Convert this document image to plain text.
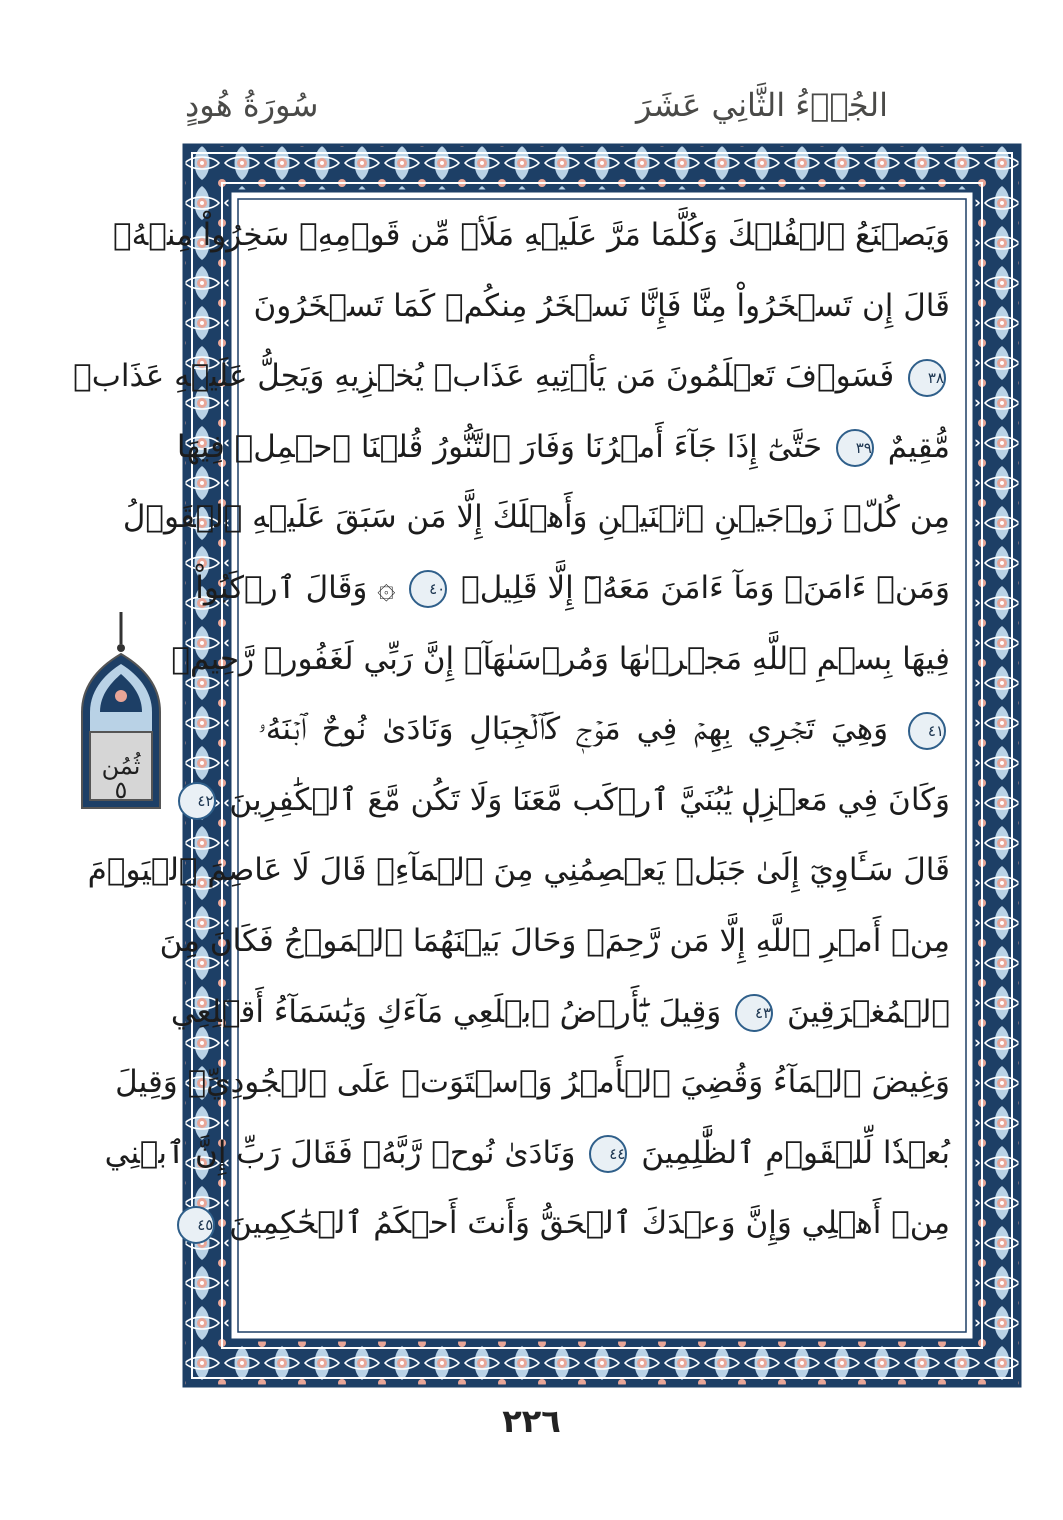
الجُزۡءُ الثَّانِي عَشَرَ
سُورَةُ هُودٍ
وَيَصۡنَعُ ٱلۡفُلۡكَ وَكُلَّمَا مَرَّ عَلَيۡهِ مَلَأٞ مِّن قَوۡمِهِۦ سَخِرُواْ مِنۡهُۚ
قَالَ إِن تَسۡخَرُواْ مِنَّا فَإِنَّا نَسۡخَرُ مِنكُمۡ كَمَا تَسۡخَرُونَ
٣٨ فَسَوۡفَ تَعۡلَمُونَ مَن يَأۡتِيهِ عَذَابٞ يُخۡزِيهِ وَيَحِلُّ عَلَيۡهِ عَذَابٞ
مُّقِيمٌ ٣٩ حَتَّىٰٓ إِذَا جَآءَ أَمۡرُنَا وَفَارَ ٱلتَّنُّورُ قُلۡنَا ٱحۡمِلۡ فِيهَا
مِن كُلّٖ زَوۡجَيۡنِ ٱثۡنَيۡنِ وَأَهۡلَكَ إِلَّا مَن سَبَقَ عَلَيۡهِ ٱلۡقَوۡلُ
وَمَنۡ ءَامَنَۚ وَمَآ ءَامَنَ مَعَهُۥٓ إِلَّا قَلِيلٞ ٤٠ ۞ وَقَالَ ٱرۡكَبُواْ
فِيهَا بِسۡمِ ٱللَّهِ مَجۡرٜىٰهَا وَمُرۡسَىٰهَآۚ إِنَّ رَبِّي لَغَفُورٞ رَّحِيمٞ
٤١ وَهِيَ تَجۡرِي بِهِمۡ فِي مَوۡجٖ كَٱلۡجِبَالِ وَنَادَىٰ نُوحٌ ٱبۡنَهُۥ
وَكَانَ فِي مَعۡزِلٖ يَٰبُنَيَّ ٱرۡكَب مَّعَنَا وَلَا تَكُن مَّعَ ٱلۡكَٰفِرِينَ ٤٢
قَالَ سَـَٔاوِيٓ إِلَىٰ جَبَلٖ يَعۡصِمُنِي مِنَ ٱلۡمَآءِۚ قَالَ لَا عَاصِمَ ٱلۡيَوۡمَ
مِنۡ أَمۡرِ ٱللَّهِ إِلَّا مَن رَّحِمَۚ وَحَالَ بَيۡنَهُمَا ٱلۡمَوۡجُ فَكَانَ مِنَ
ٱلۡمُغۡرَقِينَ ٤٣ وَقِيلَ يَٰٓأَرۡضُ ٱبۡلَعِي مَآءَكِ وَيَٰسَمَآءُ أَقۡلِعِي
وَغِيضَ ٱلۡمَآءُ وَقُضِيَ ٱلۡأَمۡرُ وَٱسۡتَوَتۡ عَلَى ٱلۡجُودِيِّۖ وَقِيلَ
بُعۡدٗا لِّلۡقَوۡمِ ٱلظَّٰلِمِينَ ٤٤ وَنَادَىٰ نُوحٞ رَّبَّهُۥ فَقَالَ رَبِّ إِنَّ ٱبۡنِي
مِنۡ أَهۡلِي وَإِنَّ وَعۡدَكَ ٱلۡحَقُّ وَأَنتَ أَحۡكَمُ ٱلۡحَٰكِمِينَ ٤٥
ثُمُن
٥
٢٢٦
